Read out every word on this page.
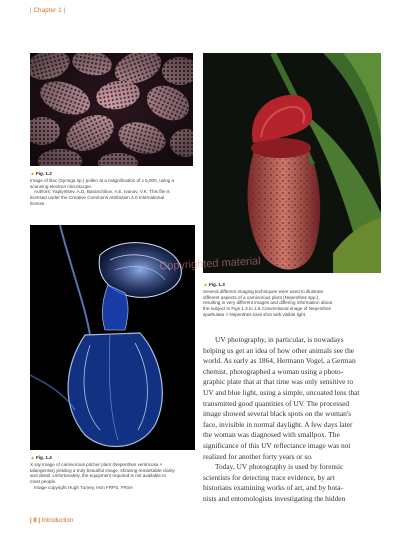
| Chapter 1 |
▲Fig. 1.2
Image of lilac (Syringa sp.) pollen at a magnification of x 5,000, using a
scanning electron microscope.
Authors: Yaptyntsev, A.D, Baranchikov, A.E, Ivanov, V.K. This file is
licensed under the Creative Commons Attribution 4.0 International
license.
▲Fig. 1.3
Several different imaging techniques were used to illustrate
different aspects of a carnivorous plant (Nepenthes spp.),
resulting in very different images and differing information about
the subject in Figs 1.3 to 1.6 Conventional image of Nepenthes
spathulata × Nepenthes lowii shot with visible light.
Copyrighted material
▲Fig. 1.4
X-ray image of carnivorous pitcher plant (Nepenthes ventricosa ×
talangensis) yielding a truly beautiful image, showing remarkable clarity
and detail. Unfortunately, the equipment required is not available to
most people.
Image copyright Hugh Turvey, Hon FRPS, FRSA

UV photography, in particular, is nowadays

helping us get an idea of how other animals see the
world. As early as 1864, Hermann Vogel, a German
chemist, photographed a woman using a photo-
graphic plate that at that time was only sensitive to
UV and blue light, using a simple, uncoated lens that
transmitted good quantities of UV. The processed
image showed several black spots on the woman's
face, invisible in normal daylight. A few days later
the woman was diagnosed with smallpox. The
significance of this UV reflectance image was not
realized for another forty years or so.

Today, UV photography is used by forensic

scientists for detecting trace evidence, by art
historians examining works of art, and by bota-
nists and entomologists investigating the hidden
| 8 | Introduction
